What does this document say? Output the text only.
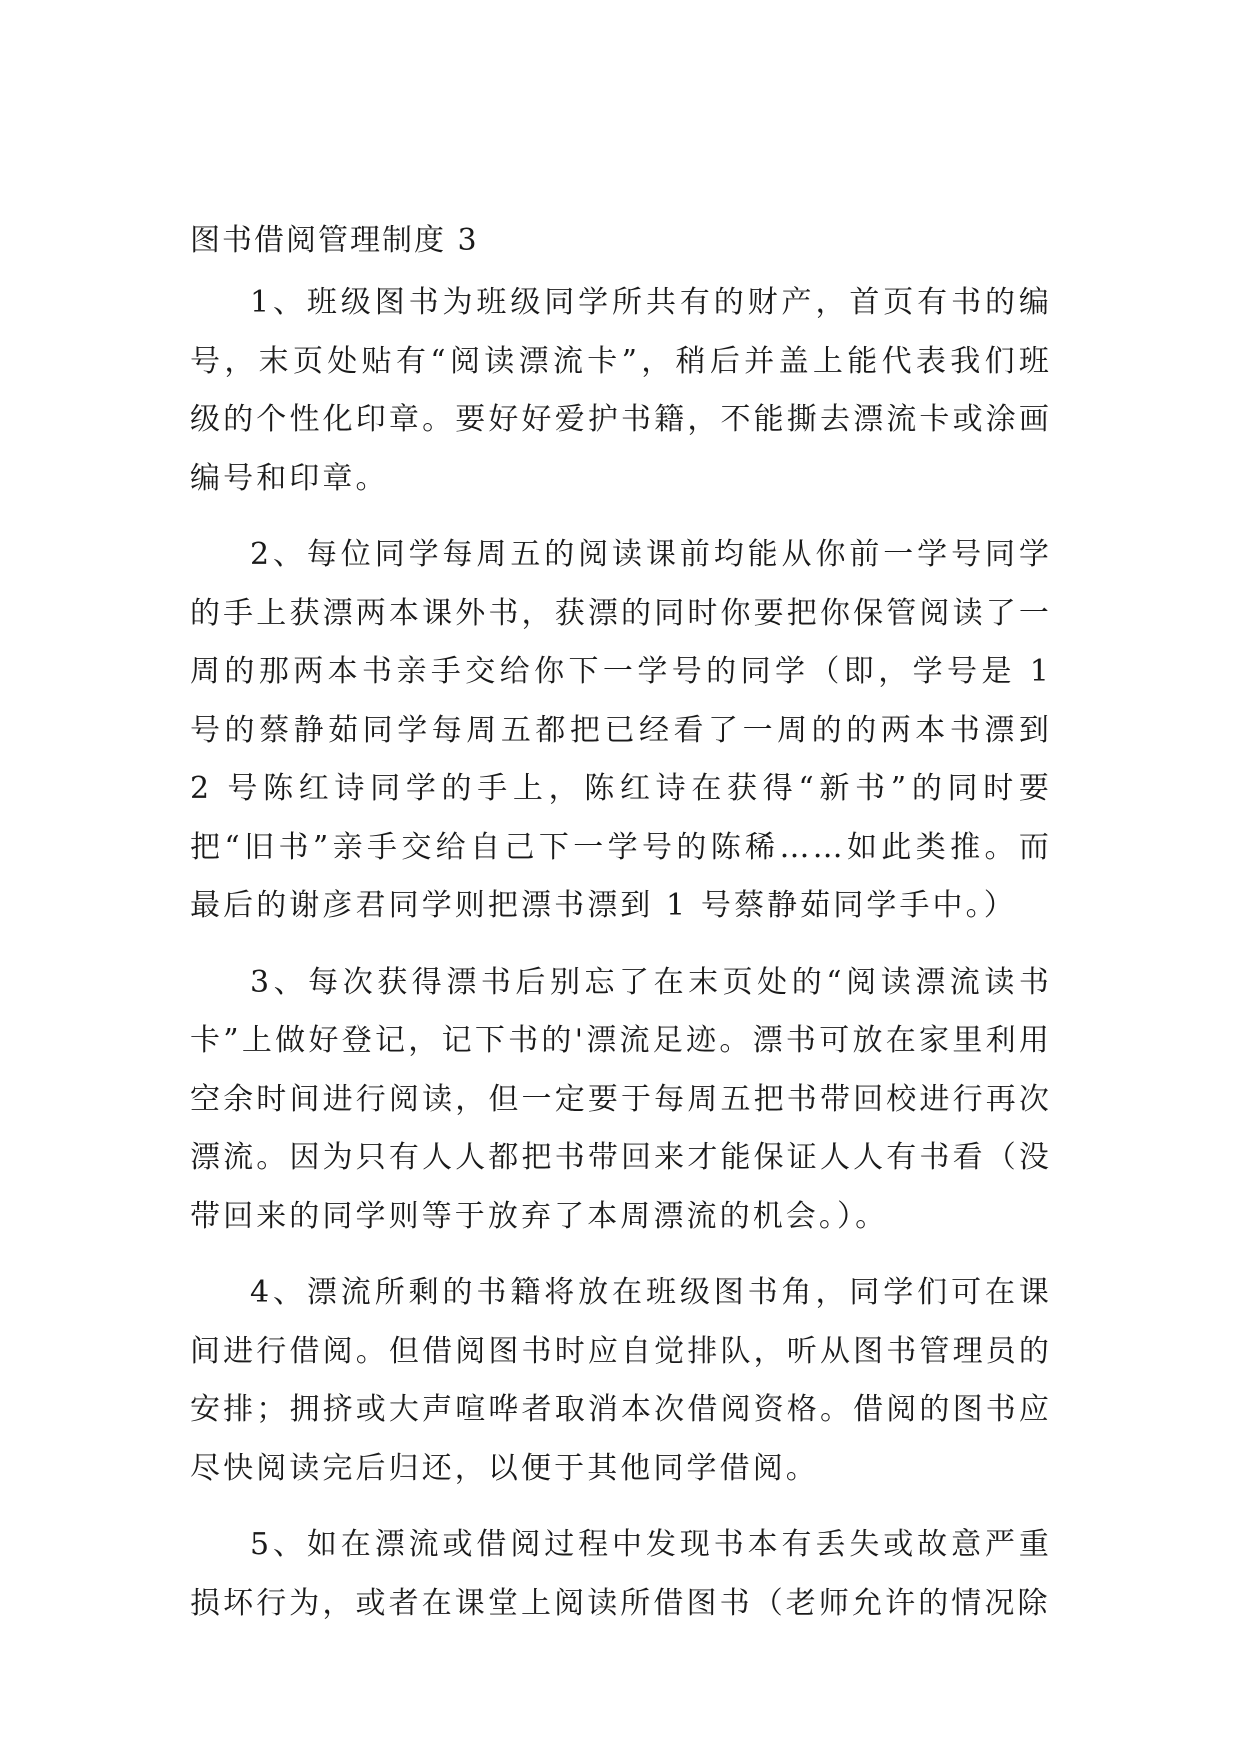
图书借阅管理制度 3

1、班级图书为班级同学所共有的财产，首页有书的编号，末页处贴有“阅读漂流卡”，稍后并盖上能代表我们班级的个性化印章。要好好爱护书籍，不能撕去漂流卡或涂画编号和印章。

2、每位同学每周五的阅读课前均能从你前一学号同学的手上获漂两本课外书，获漂的同时你要把你保管阅读了一周的那两本书亲手交给你下一学号的同学（即，学号是 1 号的蔡静茹同学每周五都把已经看了一周的的两本书漂到 2 号陈红诗同学的手上，陈红诗在获得“新书”的同时要把“旧书”亲手交给自己下一学号的陈稀……如此类推。而最后的谢彦君同学则把漂书漂到 1 号蔡静茹同学手中。）

3、每次获得漂书后别忘了在末页处的“阅读漂流读书卡”上做好登记，记下书的'漂流足迹。漂书可放在家里利用空余时间进行阅读，但一定要于每周五把书带回校进行再次漂流。因为只有人人都把书带回来才能保证人人有书看（没带回来的同学则等于放弃了本周漂流的机会。）。

4、漂流所剩的书籍将放在班级图书角，同学们可在课间进行借阅。但借阅图书时应自觉排队，听从图书管理员的安排；拥挤或大声喧哗者取消本次借阅资格。借阅的图书应尽快阅读完后归还，以便于其他同学借阅。

5、如在漂流或借阅过程中发现书本有丢失或故意严重损坏行为，或者在课堂上阅读所借图书（老师允许的情况除
